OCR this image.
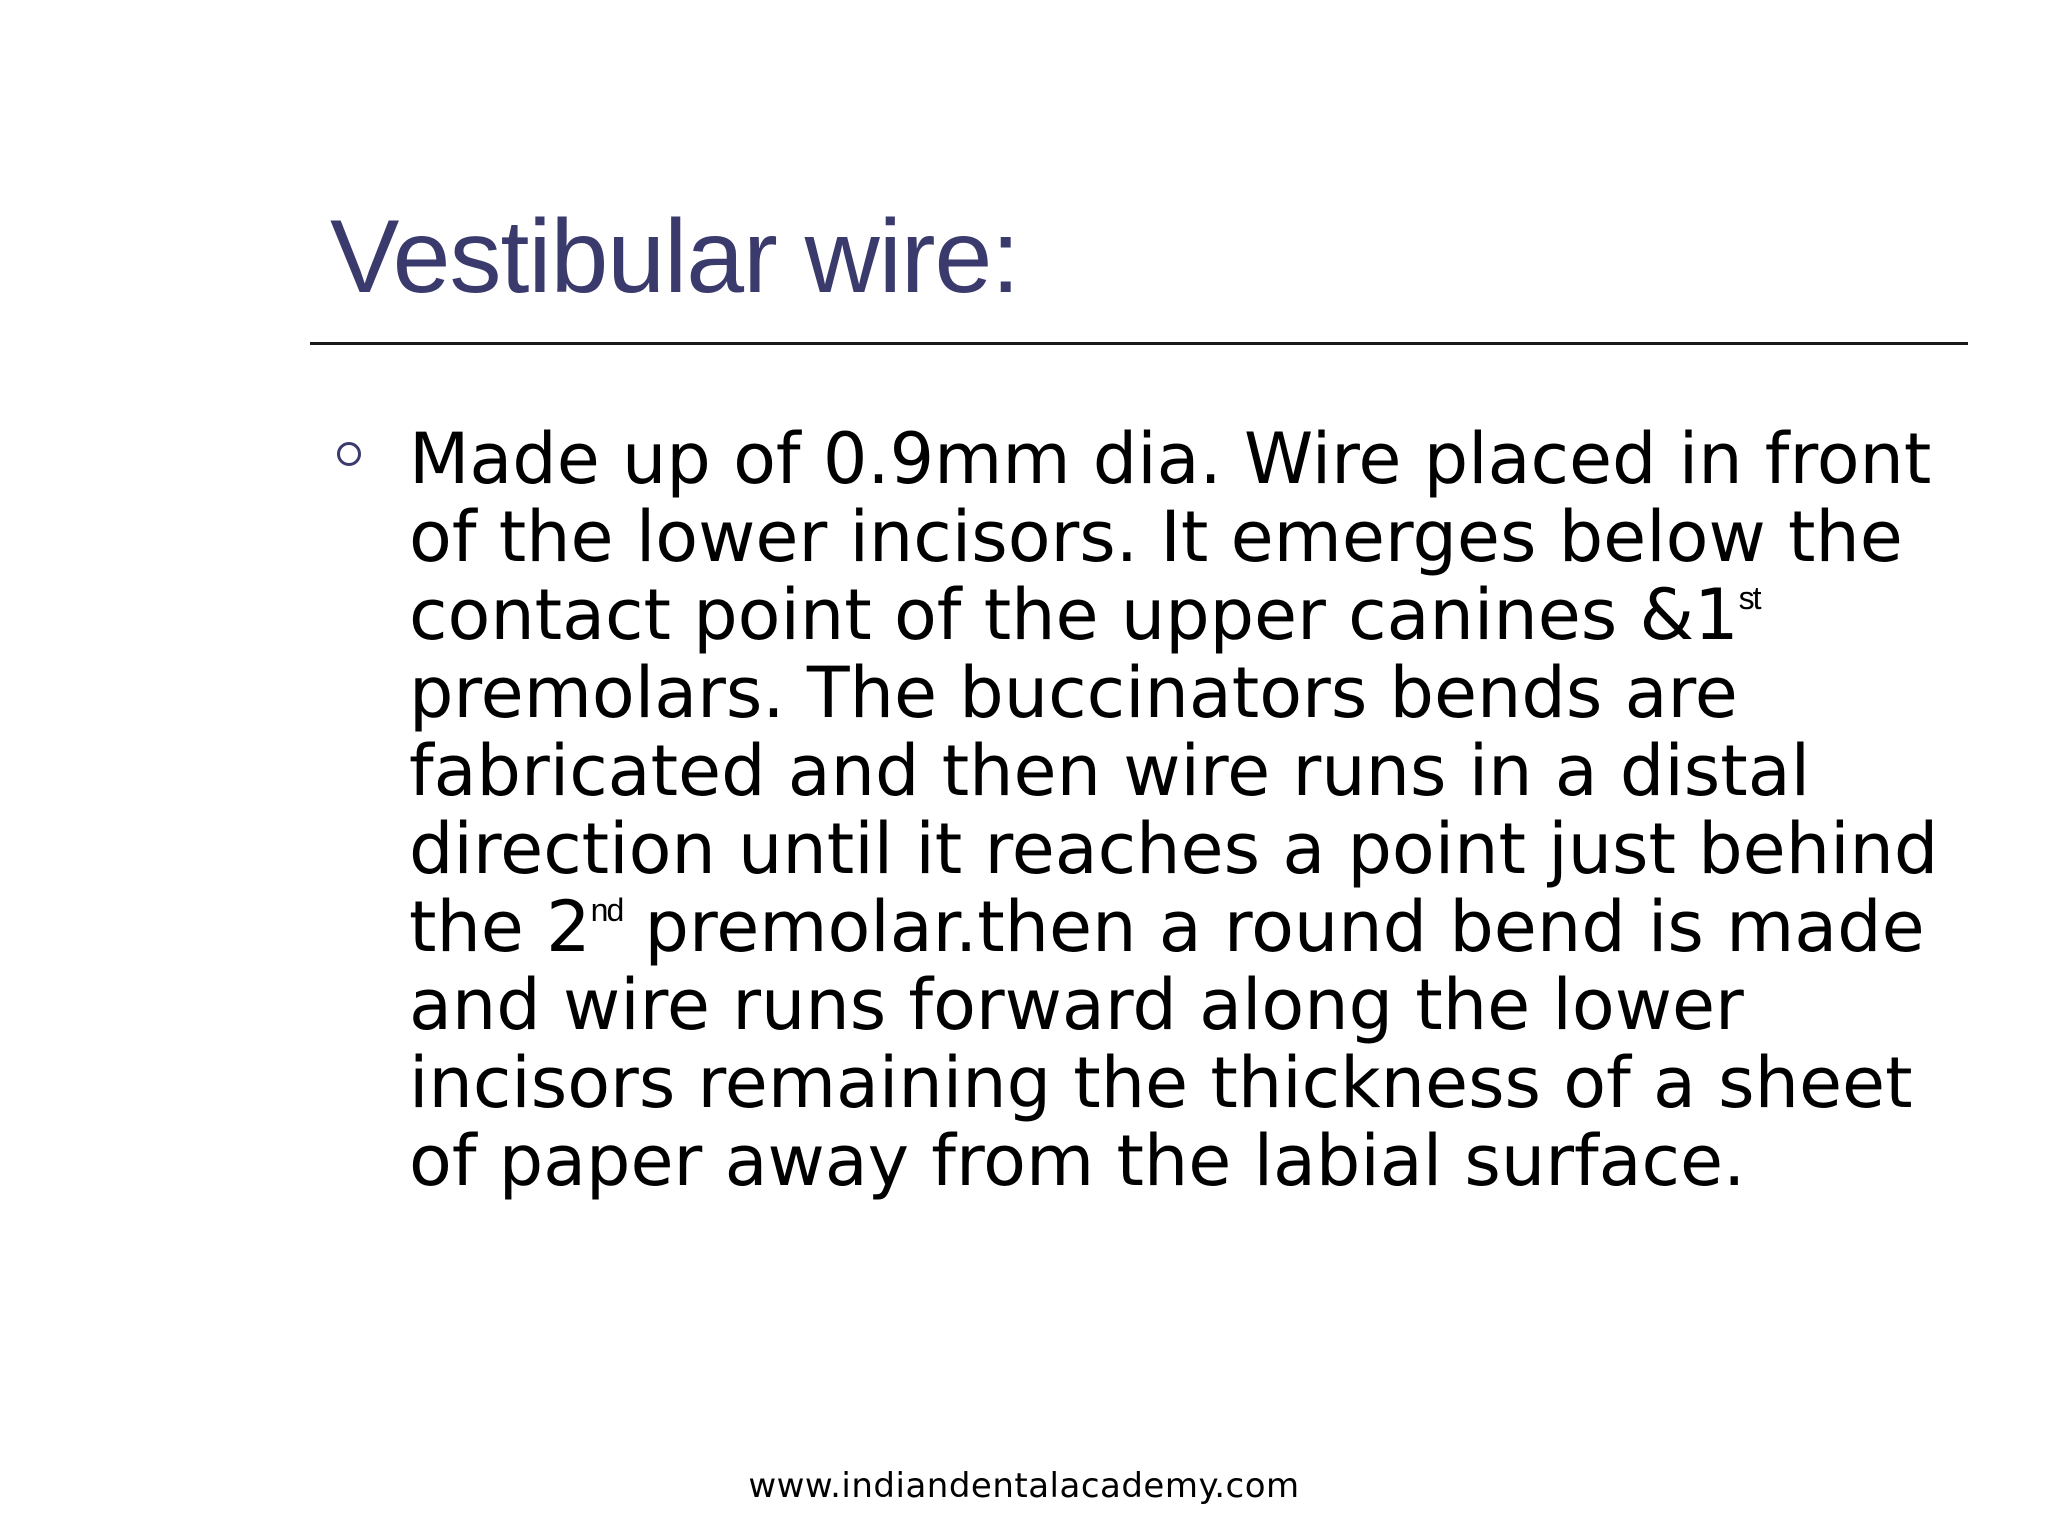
Vestibular wire:
Made up of 0.9mm dia. Wire placed in front of the lower incisors. It emerges below the contact point of the upper canines &1st premolars. The buccinators bends are fabricated and then wire runs in a distal direction until it reaches a point just behind the 2nd premolar.then a round bend is made and wire runs forward along the lower incisors remaining the thickness of a sheet of paper away from the labial surface.
www.indiandentalacademy.com
